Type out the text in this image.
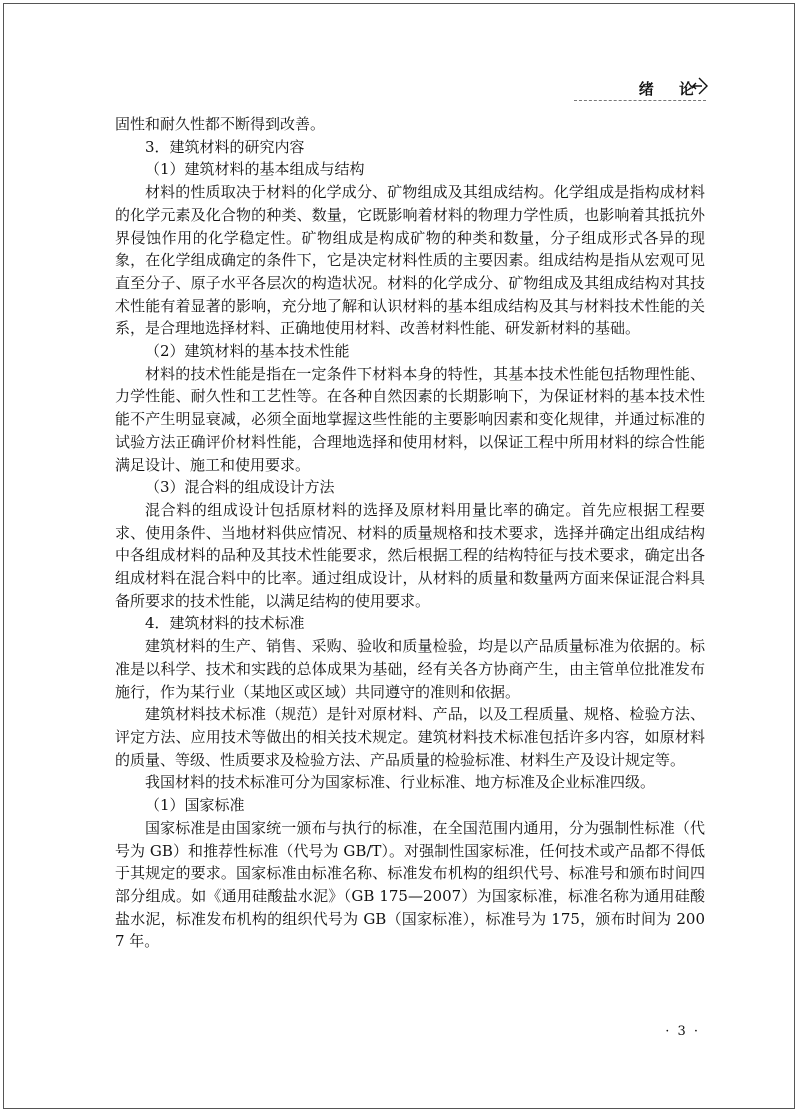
绪 论

固性和耐久性都不断得到改善。

3．建筑材料的研究内容

（1）建筑材料的基本组成与结构

材料的性质取决于材料的化学成分、矿物组成及其组成结构。化学组成是指构成材料的化学元素及化合物的种类、数量，它既影响着材料的物理力学性质，也影响着其抵抗外界侵蚀作用的化学稳定性。矿物组成是构成矿物的种类和数量，分子组成形式各异的现象，在化学组成确定的条件下，它是决定材料性质的主要因素。组成结构是指从宏观可见直至分子、原子水平各层次的构造状况。材料的化学成分、矿物组成及其组成结构对其技术性能有着显著的影响，充分地了解和认识材料的基本组成结构及其与材料技术性能的关系，是合理地选择材料、正确地使用材料、改善材料性能、研发新材料的基础。

（2）建筑材料的基本技术性能

材料的技术性能是指在一定条件下材料本身的特性，其基本技术性能包括物理性能、力学性能、耐久性和工艺性等。在各种自然因素的长期影响下，为保证材料的基本技术性能不产生明显衰减，必须全面地掌握这些性能的主要影响因素和变化规律，并通过标准的试验方法正确评价材料性能，合理地选择和使用材料，以保证工程中所用材料的综合性能满足设计、施工和使用要求。

（3）混合料的组成设计方法

混合料的组成设计包括原材料的选择及原材料用量比率的确定。首先应根据工程要求、使用条件、当地材料供应情况、材料的质量规格和技术要求，选择并确定出组成结构中各组成材料的品种及其技术性能要求，然后根据工程的结构特征与技术要求，确定出各组成材料在混合料中的比率。通过组成设计，从材料的质量和数量两方面来保证混合料具备所要求的技术性能，以满足结构的使用要求。

4．建筑材料的技术标准

建筑材料的生产、销售、采购、验收和质量检验，均是以产品质量标准为依据的。标准是以科学、技术和实践的总体成果为基础，经有关各方协商产生，由主管单位批准发布施行，作为某行业（某地区或区域）共同遵守的准则和依据。

建筑材料技术标准（规范）是针对原材料、产品，以及工程质量、规格、检验方法、评定方法、应用技术等做出的相关技术规定。建筑材料技术标准包括许多内容，如原材料的质量、等级、性质要求及检验方法、产品质量的检验标准、材料生产及设计规定等。

我国材料的技术标准可分为国家标准、行业标准、地方标准及企业标准四级。

（1）国家标准

国家标准是由国家统一颁布与执行的标准，在全国范围内通用，分为强制性标准（代号为 GB）和推荐性标准（代号为 GB/T）。对强制性国家标准，任何技术或产品都不得低于其规定的要求。国家标准由标准名称、标准发布机构的组织代号、标准号和颁布时间四部分组成。如《通用硅酸盐水泥》（GB 175—2007）为国家标准，标准名称为通用硅酸盐水泥，标准发布机构的组织代号为 GB（国家标准），标准号为 175，颁布时间为 2007 年。

· 3 ·
